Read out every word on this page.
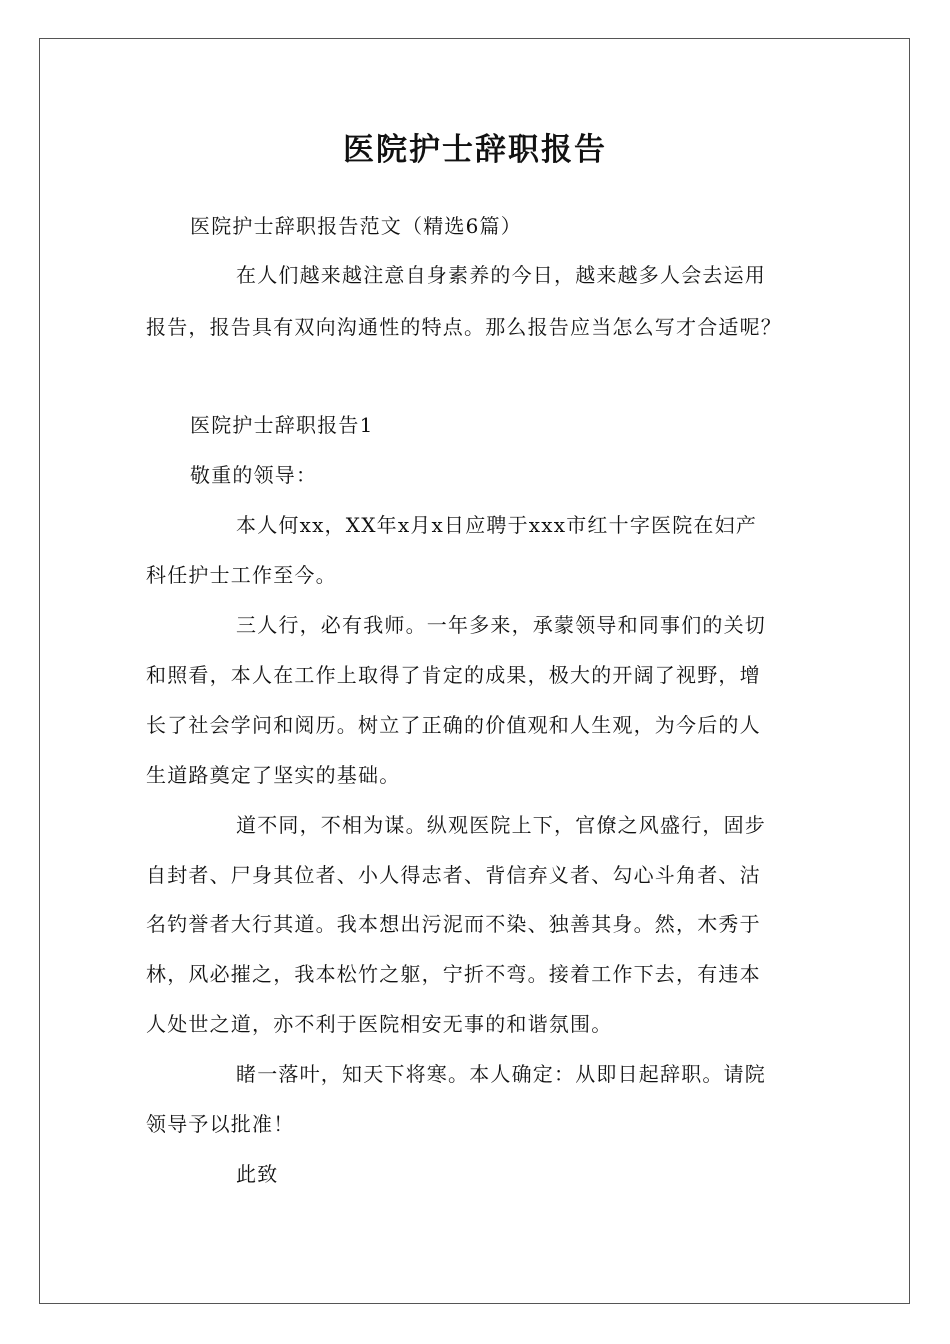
医院护士辞职报告
医院护士辞职报告范文（精选6篇）
在人们越来越注意自身素养的今日，越来越多人会去运用
报告，报告具有双向沟通性的特点。那么报告应当怎么写才合适呢？
医院护士辞职报告1
敬重的领导：
本人何xx，XX年x月x日应聘于xxx市红十字医院在妇产
科任护士工作至今。
三人行，必有我师。一年多来，承蒙领导和同事们的关切
和照看，本人在工作上取得了肯定的成果，极大的开阔了视野，增
长了社会学问和阅历。树立了正确的价值观和人生观，为今后的人
生道路奠定了坚实的基础。
道不同，不相为谋。纵观医院上下，官僚之风盛行，固步
自封者、尸身其位者、小人得志者、背信弃义者、勾心斗角者、沽
名钓誉者大行其道。我本想出污泥而不染、独善其身。然，木秀于
林，风必摧之，我本松竹之躯，宁折不弯。接着工作下去，有违本
人处世之道，亦不利于医院相安无事的和谐氛围。
睹一落叶，知天下将寒。本人确定：从即日起辞职。请院
领导予以批准！
此致
